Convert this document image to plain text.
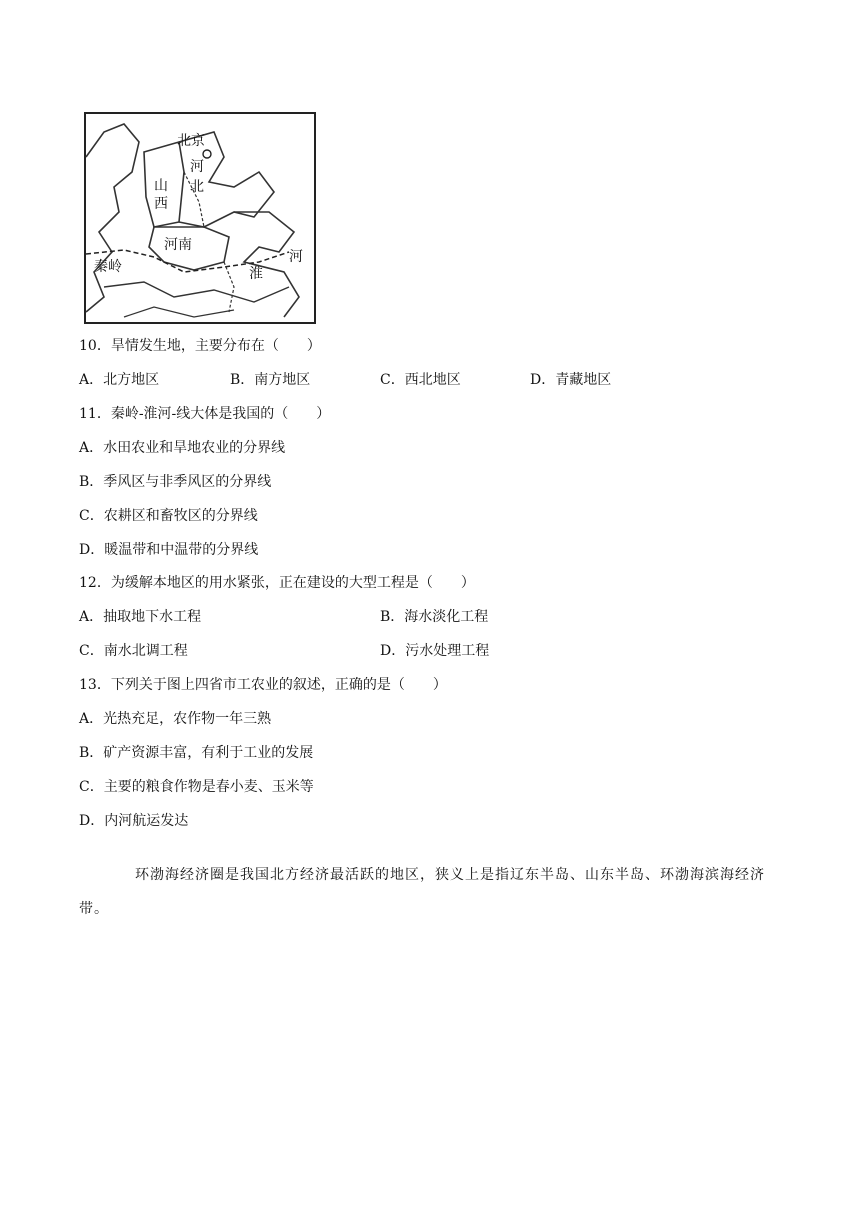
北京
河
北
山
西
河南
秦岭	淮
河
10．旱情发生地，主要分布在（　　）
A．北方地区	B．南方地区	C．西北地区	D．青藏地区
11．秦岭-淮河-线大体是我国的（　　）
A．水田农业和旱地农业的分界线
B．季风区与非季风区的分界线
C．农耕区和畜牧区的分界线
D．暖温带和中温带的分界线
12．为缓解本地区的用水紧张，正在建设的大型工程是（　　）
A．抽取地下水工程	B．海水淡化工程
C．南水北调工程	D．污水处理工程
13．下列关于图上四省市工农业的叙述，正确的是（　　）
A．光热充足，农作物一年三熟
B．矿产资源丰富，有利于工业的发展
C．主要的粮食作物是春小麦、玉米等
D．内河航运发达

环渤海经济圈是我国北方经济最活跃的地区，狭义上是指辽东半岛、山东半岛、环渤海滨海经济带。
